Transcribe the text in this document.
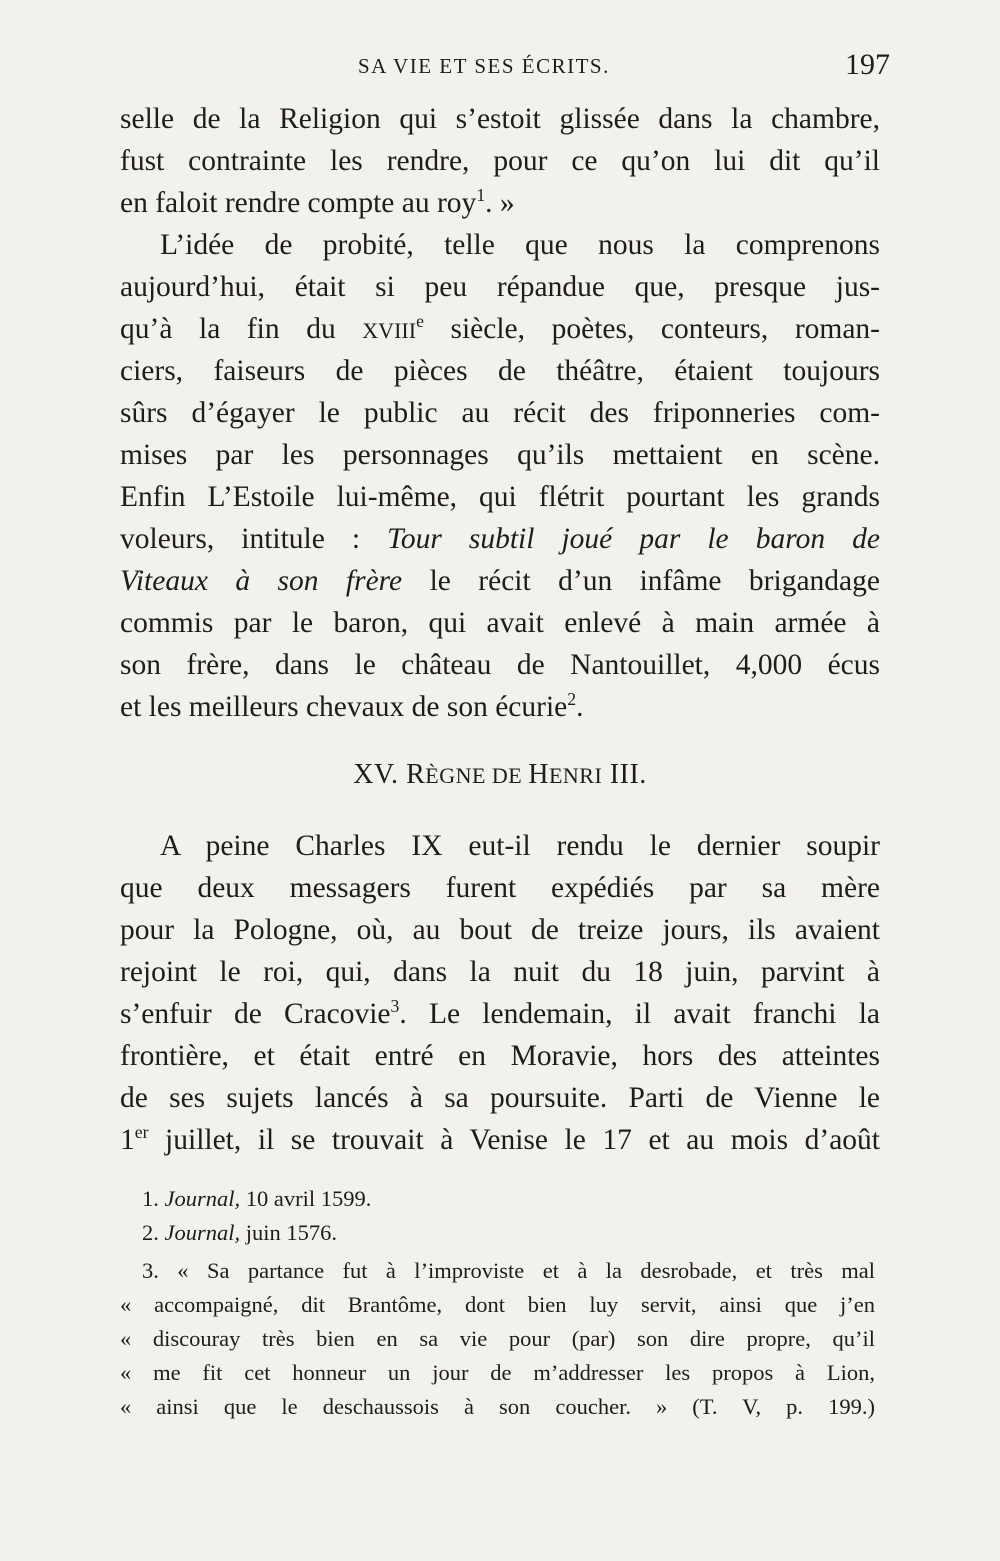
SA VIE ET SES ÉCRITS.	197
selle de la Religion qui s’estoit glissée dans la chambre,
fust contrainte les rendre, pour ce qu’on lui dit qu’il
en faloit rendre compte au roy$^1$. »
L’idée de probité, telle que nous la comprenons
aujourd’hui, était si peu répandue que, presque jus-
qu’à la fin du XVIIIe siècle, poètes, conteurs, roman-
ciers, faiseurs de pièces de théâtre, étaient toujours
sûrs d’égayer le public au récit des friponneries com-
mises par les personnages qu’ils mettaient en scène.
Enfin L’Estoile lui-même, qui flétrit pourtant les grands
voleurs, intitule : Tour subtil joué par le baron de
Viteaux à son frère le récit d’un infâme brigandage
commis par le baron, qui avait enlevé à main armée à
son frère, dans le château de Nantouillet, 4,000 écus
et les meilleurs chevaux de son écurie$^2$.
XV. RÈGNE DE HENRI III.
A peine Charles IX eut-il rendu le dernier soupir
que deux messagers furent expédiés par sa mère
pour la Pologne, où, au bout de treize jours, ils avaient
rejoint le roi, qui, dans la nuit du 18 juin, parvint à
s’enfuir de Cracovie$^3$. Le lendemain, il avait franchi la
frontière, et était entré en Moravie, hors des atteintes
de ses sujets lancés à sa poursuite. Parti de Vienne le
1er juillet, il se trouvait à Venise le 17 et au mois d’août
1. Journal, 10 avril 1599.
2. Journal, juin 1576.
3. « Sa partance fut à l’improviste et à la desrobade, et très mal
« accompaigné, dit Brantôme, dont bien luy servit, ainsi que j’en
« discouray très bien en sa vie pour (par) son dire propre, qu’il
« me fit cet honneur un jour de m’addresser les propos à Lion,
« ainsi que le deschaussois à son coucher. » (T. V, p. 199.)
